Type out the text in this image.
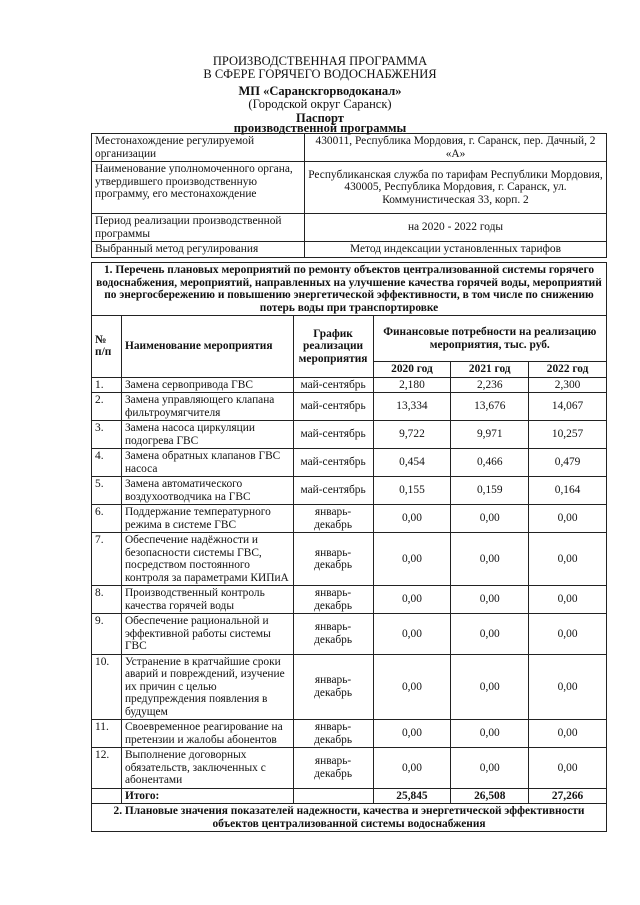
ПРОИЗВОДСТВЕННАЯ ПРОГРАММА
В СФЕРЕ ГОРЯЧЕГО ВОДОСНАБЖЕНИЯ
МП «Саранскгорводоканал»
(Городской округ Саранск)
Паспорт
производственной программы
Местонахождение регулируемой организации	430011, Республика Мордовия, г. Саранск, пер. Дачный, 2 «А»
Наименование уполномоченного органа, утвердившего производственную программу, его местонахождение	Республиканская служба по тарифам Республики Мордовия, 430005, Республика Мордовия, г. Саранск, ул. Коммунистическая 33, корп. 2
Период реализации производственной программы	на 2020 - 2022 годы
Выбранный метод регулирования	Метод индексации установленных тарифов
1. Перечень плановых мероприятий по ремонту объектов централизованной системы горячего водоснабжения, мероприятий, направленных на улучшение качества горячей воды, мероприятий по энергосбережению и повышению энергетической эффективности, в том числе по снижению потерь воды при транспортировке					
№ п/п	Наименование мероприятия	График реализации мероприятия	Финансовые потребности на реализацию мероприятия, тыс. руб.		
			2020 год	2021 год	2022 год
1.	Замена сервопривода ГВС	май-сентябрь	2,180	2,236	2,300
2.	Замена управляющего клапана фильтроумягчителя	май-сентябрь	13,334	13,676	14,067
3.	Замена насоса циркуляции подогрева ГВС	май-сентябрь	9,722	9,971	10,257
4.	Замена обратных клапанов ГВС насоса	май-сентябрь	0,454	0,466	0,479
5.	Замена автоматического воздухоотводчика на ГВС	май-сентябрь	0,155	0,159	0,164
6.	Поддержание температурного режима в системе ГВС	январь-декабрь	0,00	0,00	0,00
7.	Обеспечение надёжности и безопасности системы ГВС, посредством постоянного контроля за параметрами КИПиА	январь-декабрь	0,00	0,00	0,00
8.	Производственный контроль качества горячей воды	январь-декабрь	0,00	0,00	0,00
9.	Обеспечение рациональной и эффективной работы системы ГВС	январь-декабрь	0,00	0,00	0,00
10.	Устранение в кратчайшие сроки аварий и повреждений, изучение их причин с целью предупреждения появления в будущем	январь-декабрь	0,00	0,00	0,00
11.	Своевременное реагирование на претензии и жалобы абонентов	январь-декабрь	0,00	0,00	0,00
12.	Выполнение договорных обязательств, заключенных с абонентами	январь-декабрь	0,00	0,00	0,00
	Итого:		25,845	26,508	27,266
2. Плановые значения показателей надежности, качества и энергетической эффективности объектов централизованной системы водоснабжения					
